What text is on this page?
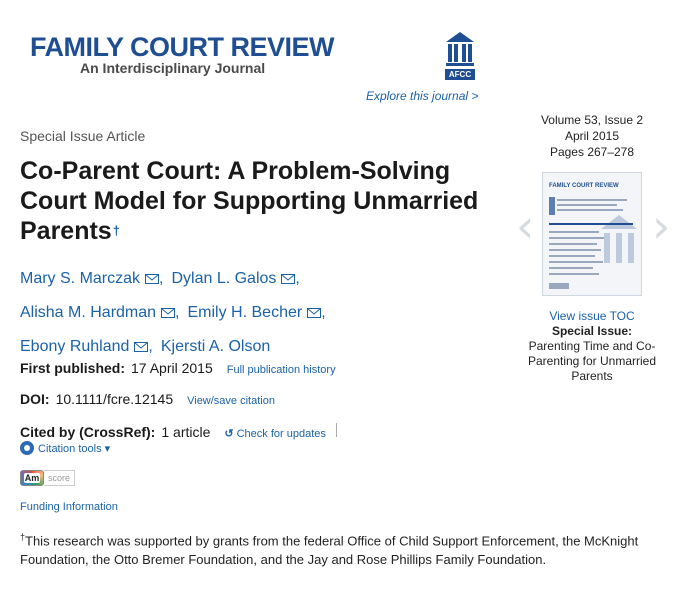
FAMILY COURT REVIEW
An Interdisciplinary Journal	AFCC
Explore this journal >
Special Issue Article
Co-Parent Court: A Problem-Solving Court Model for Supporting Unmarried Parents†
Mary S. Marczak , Dylan L. Galos ,
Alisha M. Hardman , Emily H. Becher ,
Ebony Ruhland , Kjersti A. Olson
First published: 17 April 2015 Full publication history
DOI: 10.1111/fcre.12145 View/save citation
Cited by (CrossRef): 1 article ↺ Check for updates
Citation tools ▾
Am score
Funding Information

†This research was supported by grants from the federal Office of Child Support Enforcement, the McKnight Foundation, the Otto Bremer Foundation, and the Jay and Rose Phillips Family Foundation.

Volume 53, Issue 2
April 2015
Pages 267–278
‹
FAMILY COURT REVIEW
›
View issue TOC
Special Issue:
Parenting Time and Co-Parenting for Unmarried Parents
